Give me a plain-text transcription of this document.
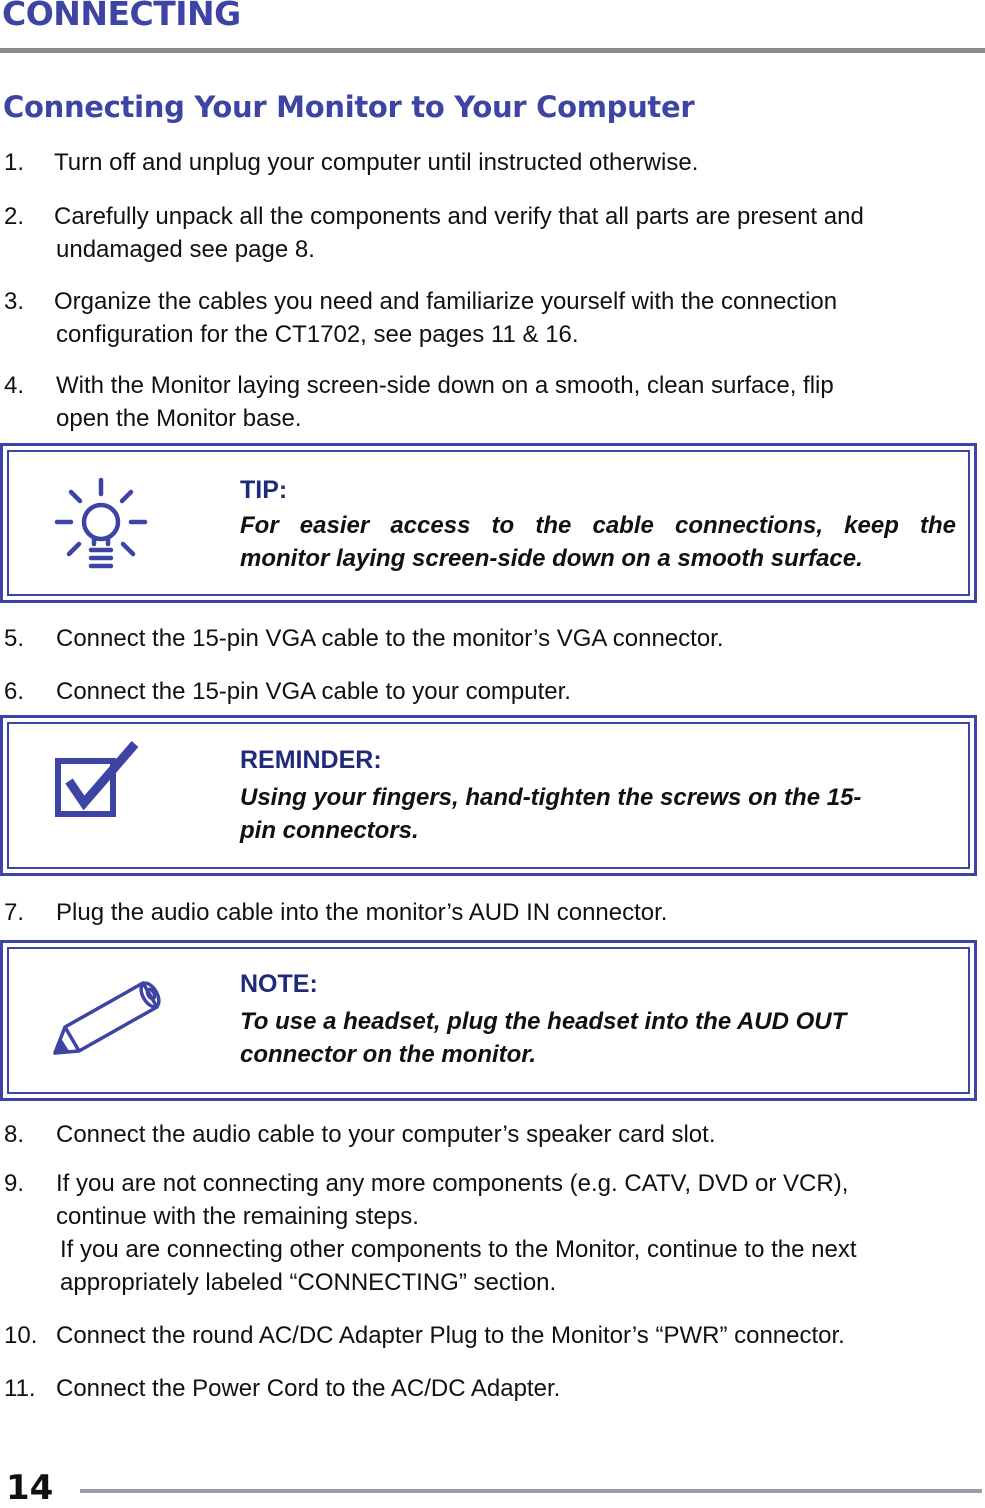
CONNECTING
Connecting Your Monitor to Your Computer
1. Turn off and unplug your computer until instructed otherwise.
2. Carefully unpack all the components and verify that all parts are present and
undamaged see page 8.
3. Organize the cables you need and familiarize yourself with the connection
configuration for the CT1702, see pages 11 & 16.
4. With the Monitor laying screen-side down on a smooth, clean surface, flip
open the Monitor base.
TIP:
For easier access to the cable connections, keep the
monitor laying screen-side down on a smooth surface.
5. Connect the 15-pin VGA cable to the monitor’s VGA connector.
6. Connect the 15-pin VGA cable to your computer.
REMINDER:
Using your fingers, hand-tighten the screws on the 15-
pin connectors.
7. Plug the audio cable into the monitor’s AUD IN connector.
NOTE:
To use a headset, plug the headset into the AUD OUT
connector on the monitor.
8. Connect the audio cable to your computer’s speaker card slot.
9. If you are not connecting any more components (e.g. CATV, DVD or VCR),
continue with the remaining steps.
If you are connecting other components to the Monitor, continue to the next
appropriately labeled “CONNECTING” section.
10. Connect the round AC/DC Adapter Plug to the Monitor’s “PWR” connector.
11. Connect the Power Cord to the AC/DC Adapter.
14
